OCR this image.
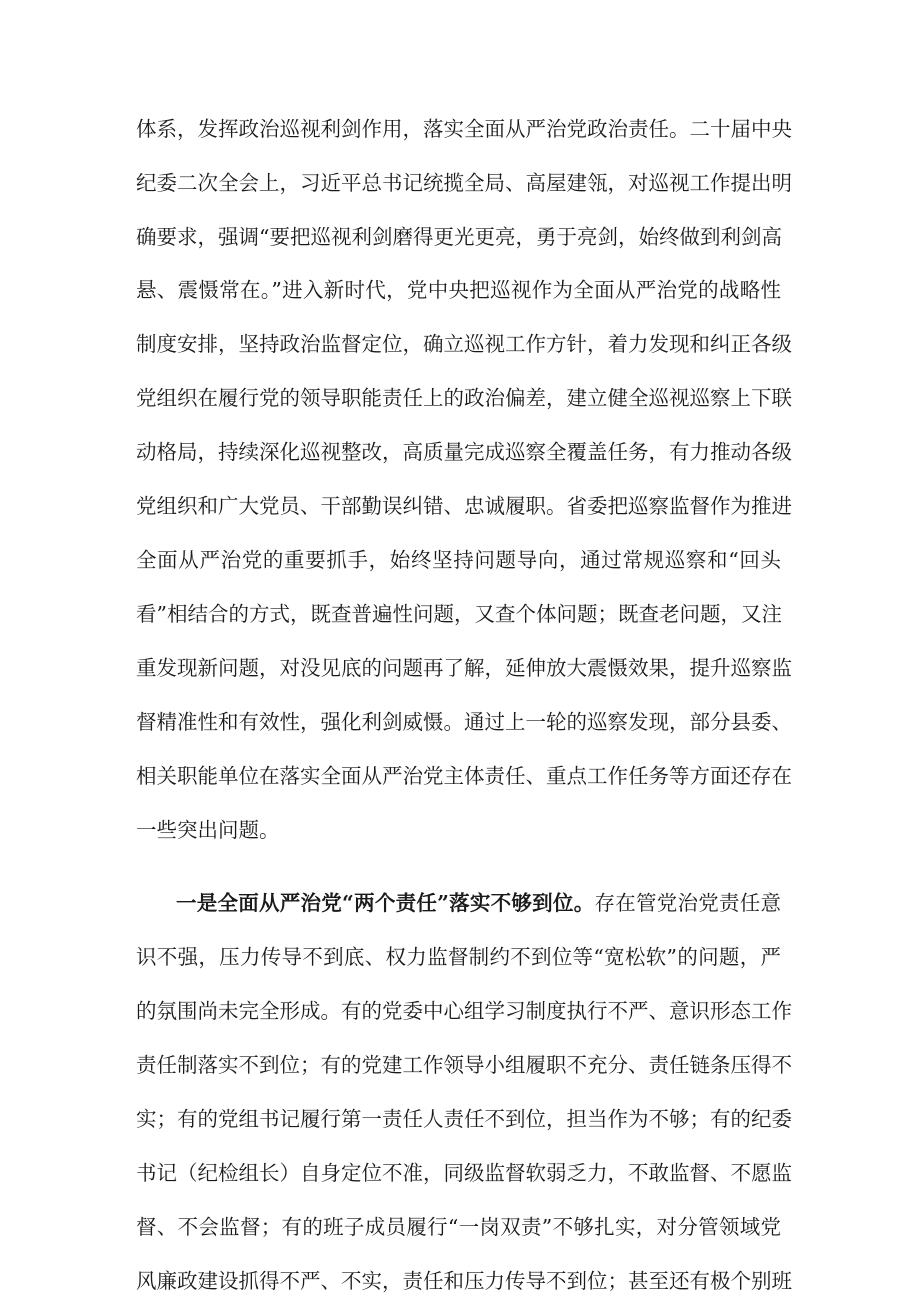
体系，发挥政治巡视利剑作用，落实全面从严治党政治责任。二十届中央
纪委二次全会上，习近平总书记统揽全局、高屋建瓴，对巡视工作提出明
确要求，强调“要把巡视利剑磨得更光更亮，勇于亮剑，始终做到利剑高
悬、震慑常在。”进入新时代，党中央把巡视作为全面从严治党的战略性
制度安排，坚持政治监督定位，确立巡视工作方针，着力发现和纠正各级
党组织在履行党的领导职能责任上的政治偏差，建立健全巡视巡察上下联
动格局，持续深化巡视整改，高质量完成巡察全覆盖任务，有力推动各级
党组织和广大党员、干部勤误纠错、忠诚履职。省委把巡察监督作为推进
全面从严治党的重要抓手，始终坚持问题导向，通过常规巡察和“回头
看”相结合的方式，既查普遍性问题，又查个体问题；既查老问题，又注
重发现新问题，对没见底的问题再了解，延伸放大震慑效果，提升巡察监
督精准性和有效性，强化利剑威慑。通过上一轮的巡察发现，部分县委、
相关职能单位在落实全面从严治党主体责任、重点工作任务等方面还存在
一些突出问题。
一是全面从严治党“两个责任”落实不够到位。存在管党治党责任意
识不强，压力传导不到底、权力监督制约不到位等“宽松软”的问题，严
的氛围尚未完全形成。有的党委中心组学习制度执行不严、意识形态工作
责任制落实不到位；有的党建工作领导小组履职不充分、责任链条压得不
实；有的党组书记履行第一责任人责任不到位，担当作为不够；有的纪委
书记（纪检组长）自身定位不准，同级监督软弱乏力，不敢监督、不愿监
督、不会监督；有的班子成员履行“一岗双责”不够扎实，对分管领域党
风廉政建设抓得不严、不实，责任和压力传导不到位；甚至还有极个别班
